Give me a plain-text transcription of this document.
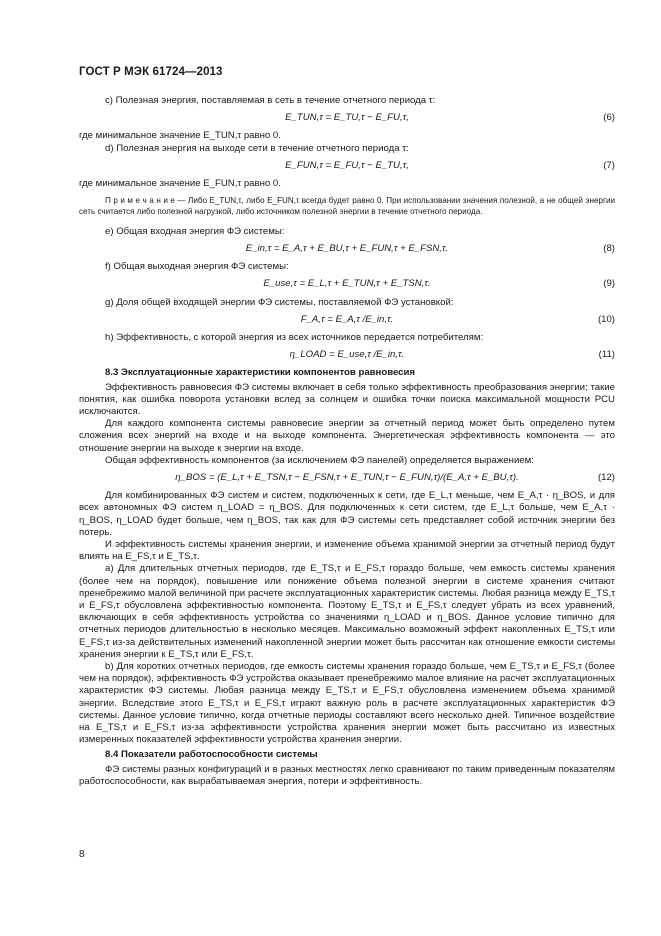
ГОСТ Р МЭК 61724—2013
с) Полезная энергия, поставляемая в сеть в течение отчетного периода τ:
E_TUN,τ = E_TU,τ − E_FU,τ,	(6)
где минимальное значение E_TUN,τ равно 0.
d) Полезная энергия на выходе сети в течение отчетного периода τ:
E_FUN,τ = E_FU,τ − E_TU,τ,	(7)
где минимальное значение E_FUN,τ равно 0.

П р и м е ч а н и е — Либо E_TUN,τ, либо E_FUN,τ всегда будет равно 0. При использовании значения полезной, а не общей энергии сеть считается либо полезной нагрузкой, либо источником полезной энергии в течение отчетного периода.

е) Общая входная энергия ФЭ системы:
E_in,τ = E_A,τ + E_BU,τ + E_FUN,τ + E_FSN,τ.	(8)
f) Общая выходная энергия ФЭ системы:
E_use,τ = E_L,τ + E_TUN,τ + E_TSN,τ.	(9)
g) Доля общей входящей энергии ФЭ системы, поставляемой ФЭ установкой:
F_A,τ = E_A,τ /E_in,τ.	(10)
h) Эффективность, с которой энергия из всех источников передается потребителям:
η_LOAD = E_use,τ /E_in,τ.	(11)
8.3 Эксплуатационные характеристики компонентов равновесия

Эффективность равновесия ФЭ системы включает в себя только эффективность преобразования энергии; такие понятия, как ошибка поворота установки вслед за солнцем и ошибка точки поиска максимальной мощности PCU исключаются.

Для каждого компонента системы равновесие энергии за отчетный период может быть определено путем сложения всех энергий на входе и на выходе компонента. Энергетическая эффективность компонента — это отношение энергии на выходе к энергии на входе.

Общая эффективность компонентов (за исключением ФЭ панелей) определяется выражением:

η_BOS = (E_L,τ + E_TSN,τ − E_FSN,τ + E_TUN,τ − E_FUN,τ)/(E_A,τ + E_BU,τ).	(12)

Для комбинированных ФЭ систем и систем, подключенных к сети, где E_L,τ меньше, чем E_A,τ · η_BOS, и для всех автономных ФЭ систем η_LOAD = η_BOS. Для подключенных к сети систем, где E_L,τ больше, чем E_A,τ · η_BOS, η_LOAD будет больше, чем η_BOS, так как для ФЭ системы сеть представляет собой источник энергии без потерь.

И эффективность системы хранения энергии, и изменение объема хранимой энергии за отчетный период будут влиять на E_FS,τ и E_TS,τ.

а) Для длительных отчетных периодов, где E_TS,τ и E_FS,τ гораздо больше, чем емкость системы хранения (более чем на порядок), повышение или понижение объема полезной энергии в системе хранения считают пренебрежимо малой величиной при расчете эксплуатационных характеристик системы. Любая разница между E_TS,τ и E_FS,τ обусловлена эффективностью компонента. Поэтому E_TS,τ и E_FS,τ следует убрать из всех уравнений, включающих в себя эффективность устройства со значениями η_LOAD и η_BOS. Данное условие типично для отчетных периодов длительностью в несколько месяцев. Максимально возможный эффект накопленных E_TS,τ или E_FS,τ из-за действительных изменений накопленной энергии может быть рассчитан как отношение емкости системы хранения энергии к E_TS,τ или E_FS,τ.

b) Для коротких отчетных периодов, где емкость системы хранения гораздо больше, чем E_TS,τ и E_FS,τ (более чем на порядок), эффективность ФЭ устройства оказывает пренебрежимо малое влияние на расчет эксплуатационных характеристик ФЭ системы. Любая разница между E_TS,τ и E_FS,τ обусловлена изменением объема хранимой энергии. Вследствие этого E_TS,τ и E_FS,τ играют важную роль в расчете эксплуатационных характеристик ФЭ системы. Данное условие типично, когда отчетные периоды составляют всего несколько дней. Типичное воздействие на E_TS,τ и E_FS,τ из-за эффективности устройства хранения энергии может быть рассчитано из известных измеренных показателей эффективности устройства хранения энергии.

8.4 Показатели работоспособности системы

ФЭ системы разных конфигураций и в разных местностях легко сравнивают по таким приведенным показателям работоспособности, как вырабатываемая энергия, потери и эффективность.

8
